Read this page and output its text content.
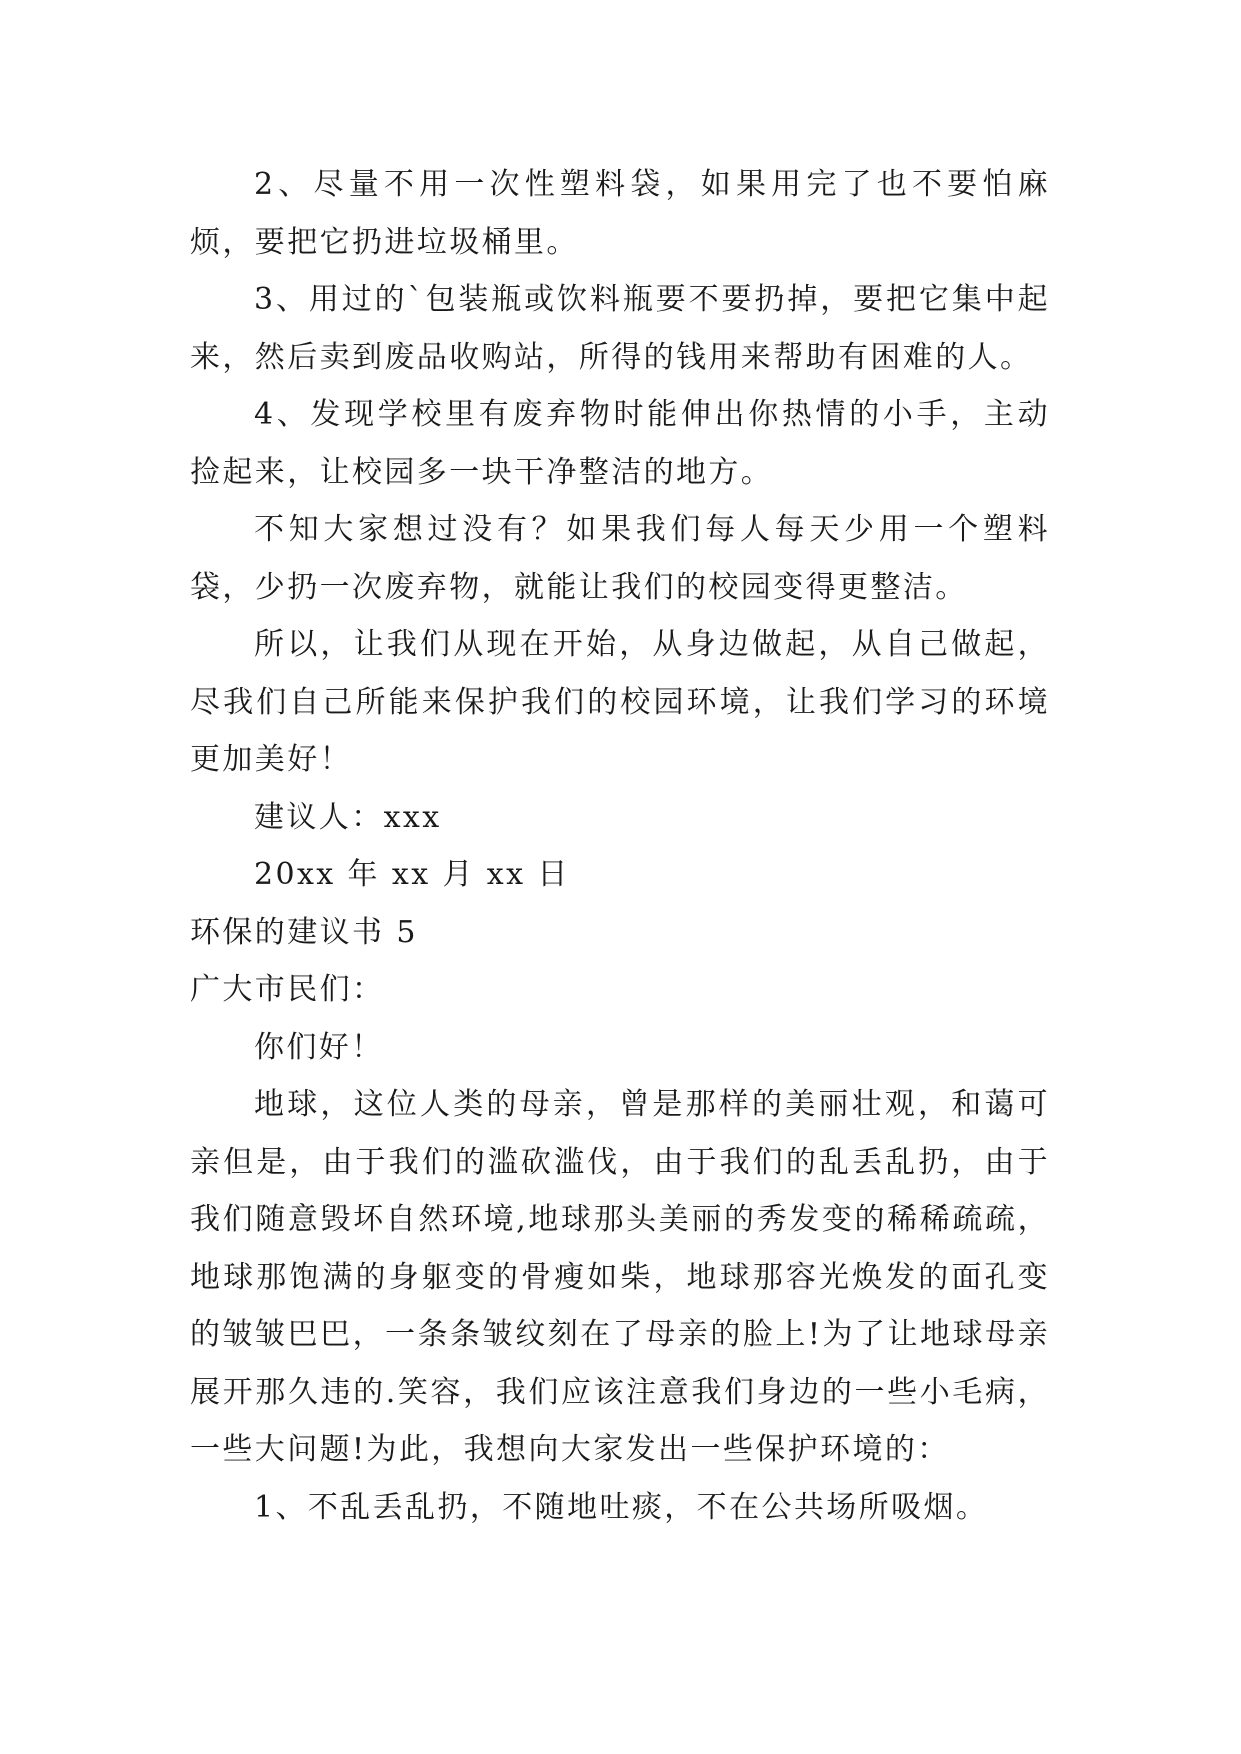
2、尽量不用一次性塑料袋，如果用完了也不要怕麻烦，要把它扔进垃圾桶里。

3、用过的`包装瓶或饮料瓶要不要扔掉，要把它集中起来，然后卖到废品收购站，所得的钱用来帮助有困难的人。

4、发现学校里有废弃物时能伸出你热情的小手，主动捡起来，让校园多一块干净整洁的地方。

不知大家想过没有？如果我们每人每天少用一个塑料袋，少扔一次废弃物，就能让我们的校园变得更整洁。

所以，让我们从现在开始，从身边做起，从自己做起，尽我们自己所能来保护我们的校园环境，让我们学习的环境更加美好！

建议人：xxx

20xx 年 xx 月 xx 日

环保的建议书 5

广大市民们：

你们好！

地球，这位人类的母亲，曾是那样的美丽壮观，和蔼可亲但是，由于我们的滥砍滥伐，由于我们的乱丢乱扔，由于我们随意毁坏自然环境,地球那头美丽的秀发变的稀稀疏疏，地球那饱满的身躯变的骨瘦如柴，地球那容光焕发的面孔变的皱皱巴巴，一条条皱纹刻在了母亲的脸上!为了让地球母亲展开那久违的.笑容，我们应该注意我们身边的一些小毛病，一些大问题!为此，我想向大家发出一些保护环境的：

1、不乱丢乱扔，不随地吐痰，不在公共场所吸烟。
